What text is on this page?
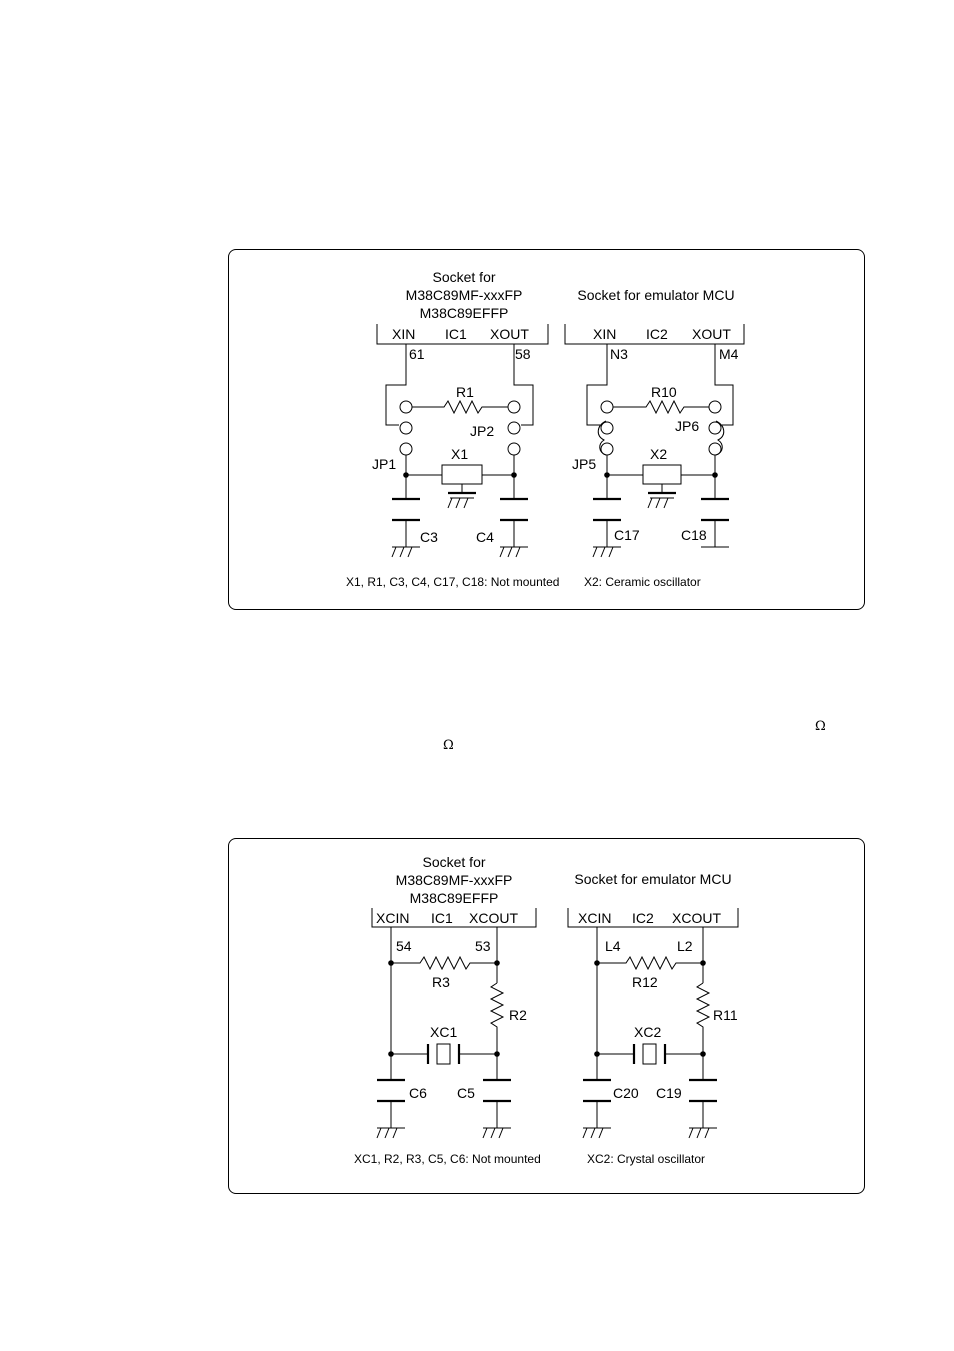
Socket for
M38C89MF-xxxFP
M38C89EFFP
Socket for emulator MCU
XIN IC1 XOUT
61	58
XIN IC2 XOUT
N3	M4
R1
JP2
JP1
X1
C3	C4
R10
JP6
JP5
X2
C17	C18
X1, R1, C3, C4, C17, C18: Not mounted X2: Ceramic oscillator
Ω
Ω
Socket for
M38C89MF-xxxFP
M38C89EFFP
Socket for emulator MCU
XCIN IC1 XCOUT
54	53
XCIN IC2 XCOUT
L4	L2
R3
R2
XC1
C6 C5
R12
R11
XC2
C20 C19
XC1, R2, R3, C5, C6: Not mounted	XC2: Crystal oscillator
